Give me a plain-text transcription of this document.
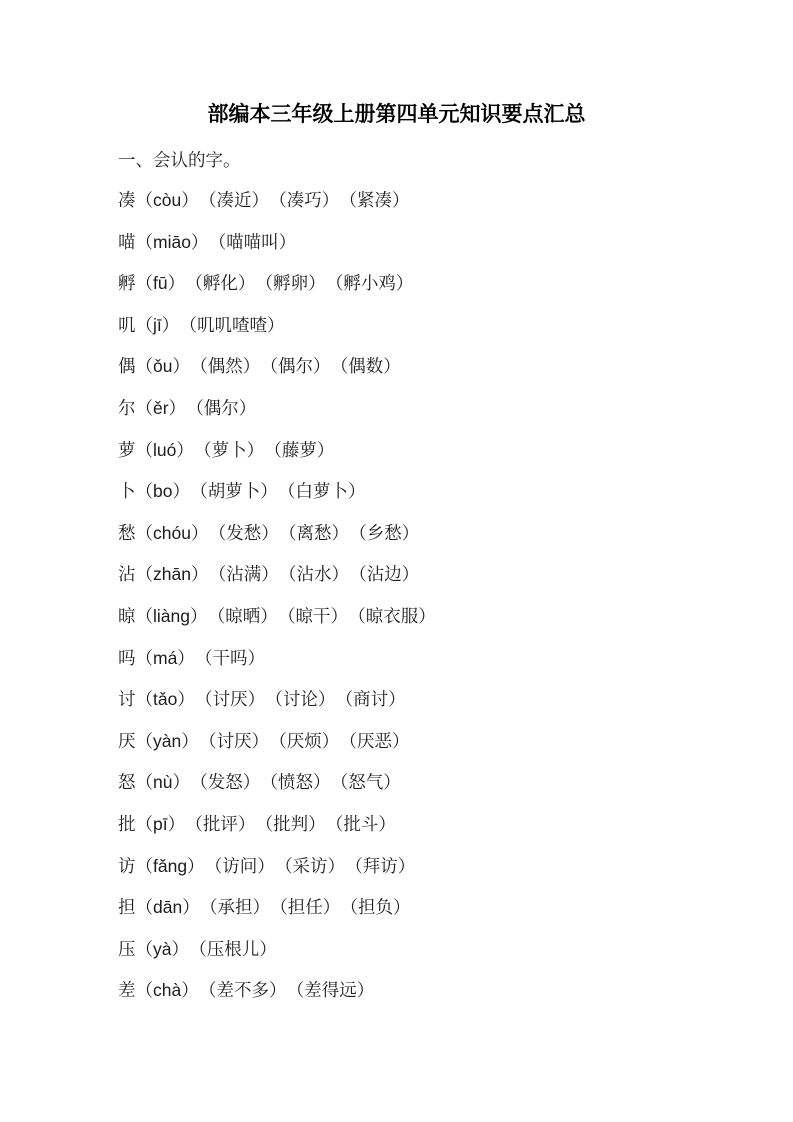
部编本三年级上册第四单元知识要点汇总
一、会认的字。
凑（còu） （凑近） （凑巧） （紧凑）
喵（miāo） （喵喵叫）
孵（fū） （孵化） （孵卵） （孵小鸡）
叽（jī） （叽叽喳喳）
偶（ǒu） （偶然） （偶尔） （偶数）
尔（ěr） （偶尔）
萝（luó） （萝卜） （藤萝）
卜（bo） （胡萝卜） （白萝卜）
愁（chóu） （发愁） （离愁） （乡愁）
沾（zhān） （沾满） （沾水） （沾边）
晾（liàng） （晾晒） （晾干） （晾衣服）
吗（má） （干吗）
讨（tǎo） （讨厌） （讨论） （商讨）
厌（yàn） （讨厌） （厌烦） （厌恶）
怒（nù） （发怒） （愤怒） （怒气）
批（pī） （批评） （批判） （批斗）
访（fǎng） （访问） （采访） （拜访）
担（dān） （承担） （担任） （担负）
压（yà） （压根儿）
差（chà） （差不多） （差得远）
